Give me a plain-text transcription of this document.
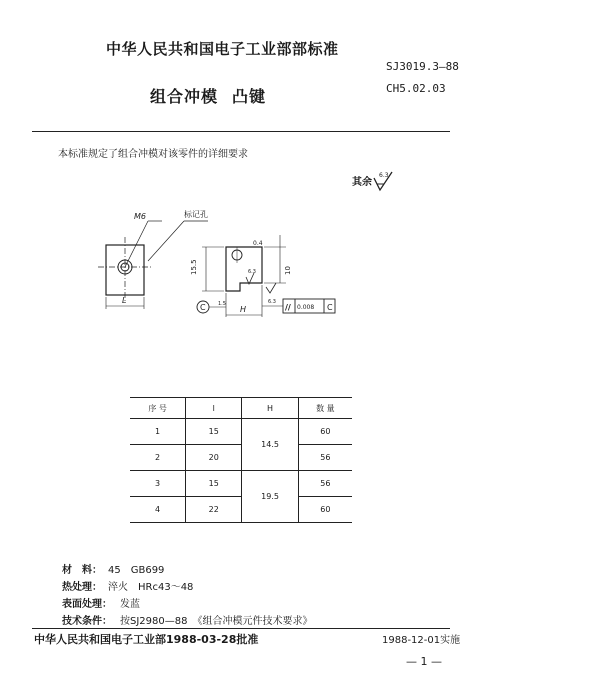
中华人民共和国电子工业部部标准
SJ3019.3—88
组合冲模 凸键	CH5.02.03
本标准规定了组合冲模对该零件的详细要求
其余
6.3
M6	标记孔
L
15.5	10
0.4
6.3
6.3
1.5
H
C	// 0.008 C
序 号	l	H	数 量
1	15	14.5	60
2	20		56
3	15	19.5	56
4	22		60
材　料： 45　GB699
热处理： 淬火　HRc43～48
表面处理： 发蓝
技术条件： 按SJ2980—88　《组合冲模元件技术要求》
中华人民共和国电子工业部1988-03-28批准	1988-12-01实施
— 1 —
